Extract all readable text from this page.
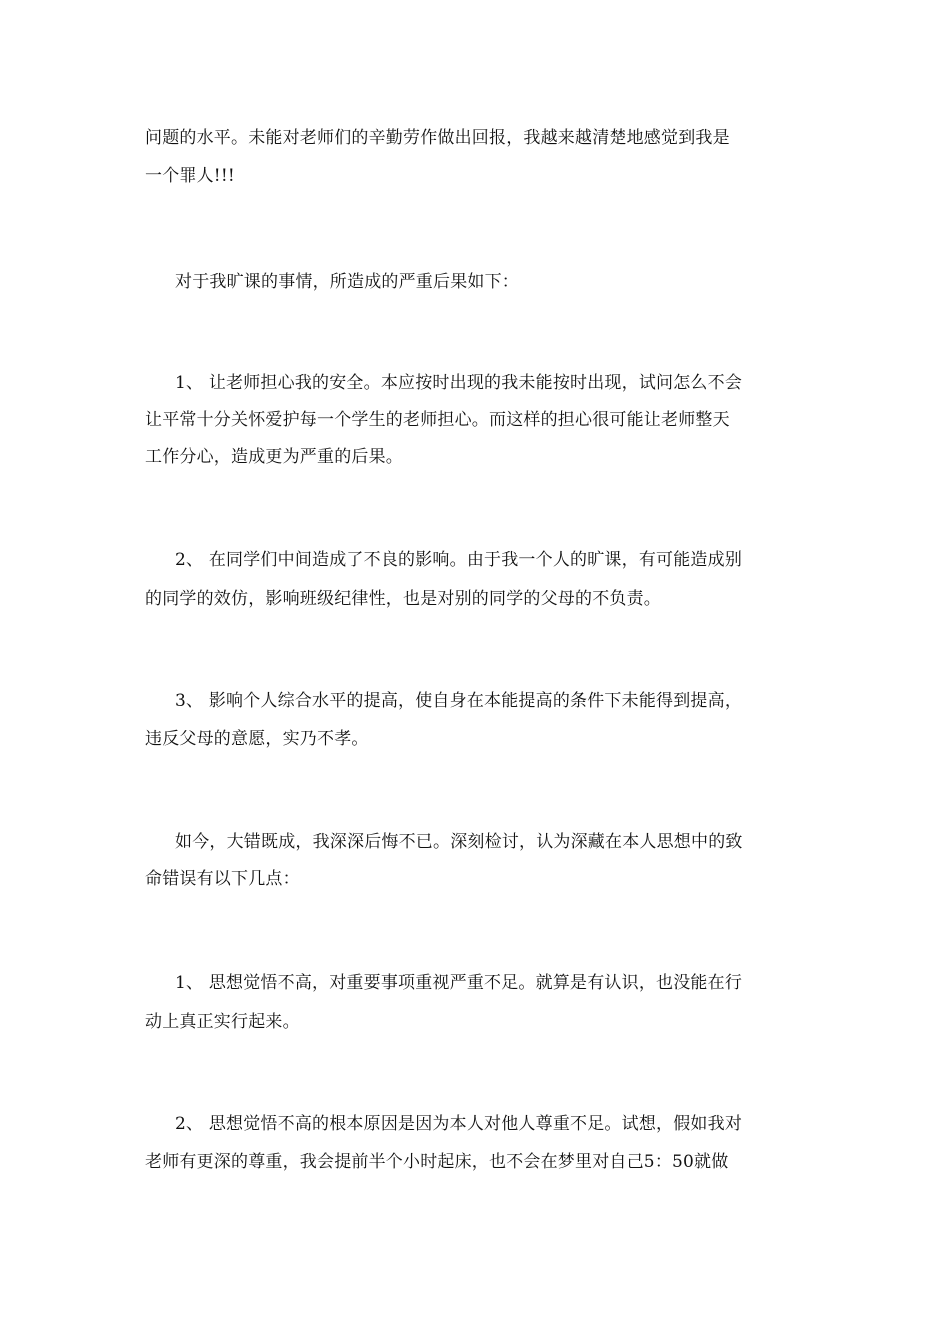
问题的水平。未能对老师们的辛勤劳作做出回报，我越来越清楚地感觉到我是
一个罪人!!!
对于我旷课的事情，所造成的严重后果如下：
1、 让老师担心我的安全。本应按时出现的我未能按时出现，试问怎么不会
让平常十分关怀爱护每一个学生的老师担心。而这样的担心很可能让老师整天
工作分心，造成更为严重的后果。
2、 在同学们中间造成了不良的影响。由于我一个人的旷课，有可能造成别
的同学的效仿，影响班级纪律性，也是对别的同学的父母的不负责。
3、 影响个人综合水平的提高，使自身在本能提高的条件下未能得到提高，
违反父母的意愿，实乃不孝。
如今，大错既成，我深深后悔不已。深刻检讨，认为深藏在本人思想中的致
命错误有以下几点：
1、 思想觉悟不高，对重要事项重视严重不足。就算是有认识，也没能在行
动上真正实行起来。
2、 思想觉悟不高的根本原因是因为本人对他人尊重不足。试想，假如我对
老师有更深的尊重，我会提前半个小时起床，也不会在梦里对自己5：50就做
